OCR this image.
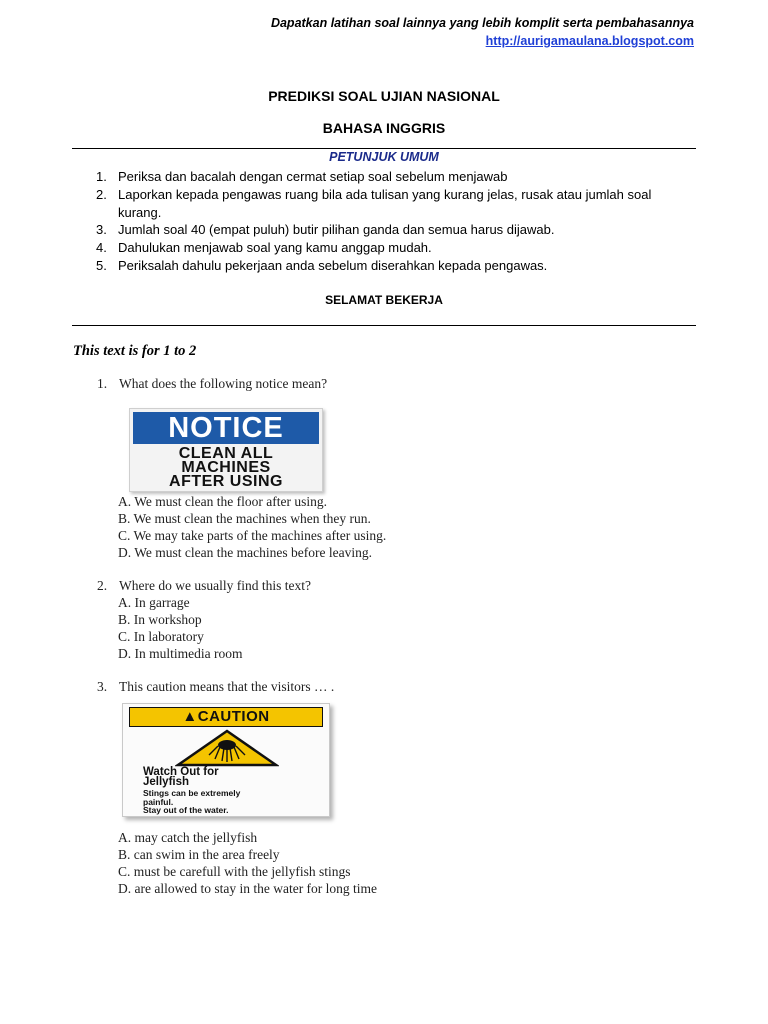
Dapatkan latihan soal lainnya yang lebih komplit serta pembahasannya
http://aurigamaulana.blogspot.com
PREDIKSI SOAL UJIAN NASIONAL
BAHASA INGGRIS
PETUNJUK UMUM
1. Periksa dan bacalah dengan cermat setiap soal sebelum menjawab
2. Laporkan kepada pengawas ruang bila ada tulisan yang kurang jelas, rusak atau jumlah soal kurang.
3. Jumlah soal 40 (empat puluh) butir pilihan ganda dan semua harus dijawab.
4. Dahulukan menjawab soal yang kamu anggap mudah.
5. Periksalah dahulu pekerjaan anda sebelum diserahkan kepada pengawas.
SELAMAT BEKERJA
This text is for 1 to 2
1. What does the following notice mean?
NOTICE
CLEAN ALL
MACHINES
AFTER USING
A. We must clean the floor after using.
B. We must clean the machines when they run.
C. We may take parts of the machines after using.
D. We must clean the machines before leaving.
2. Where do we usually find this text?
A. In garrage
B. In workshop
C. In laboratory
D. In multimedia room
3. This caution means that the visitors … .
▲CAUTION
Watch Out for
Jellyfish
Stings can be extremely
painful.
Stay out of the water.
A. may catch the jellyfish
B. can swim in the area freely
C. must be carefull with the jellyfish stings
D. are allowed to stay in the water for long time
